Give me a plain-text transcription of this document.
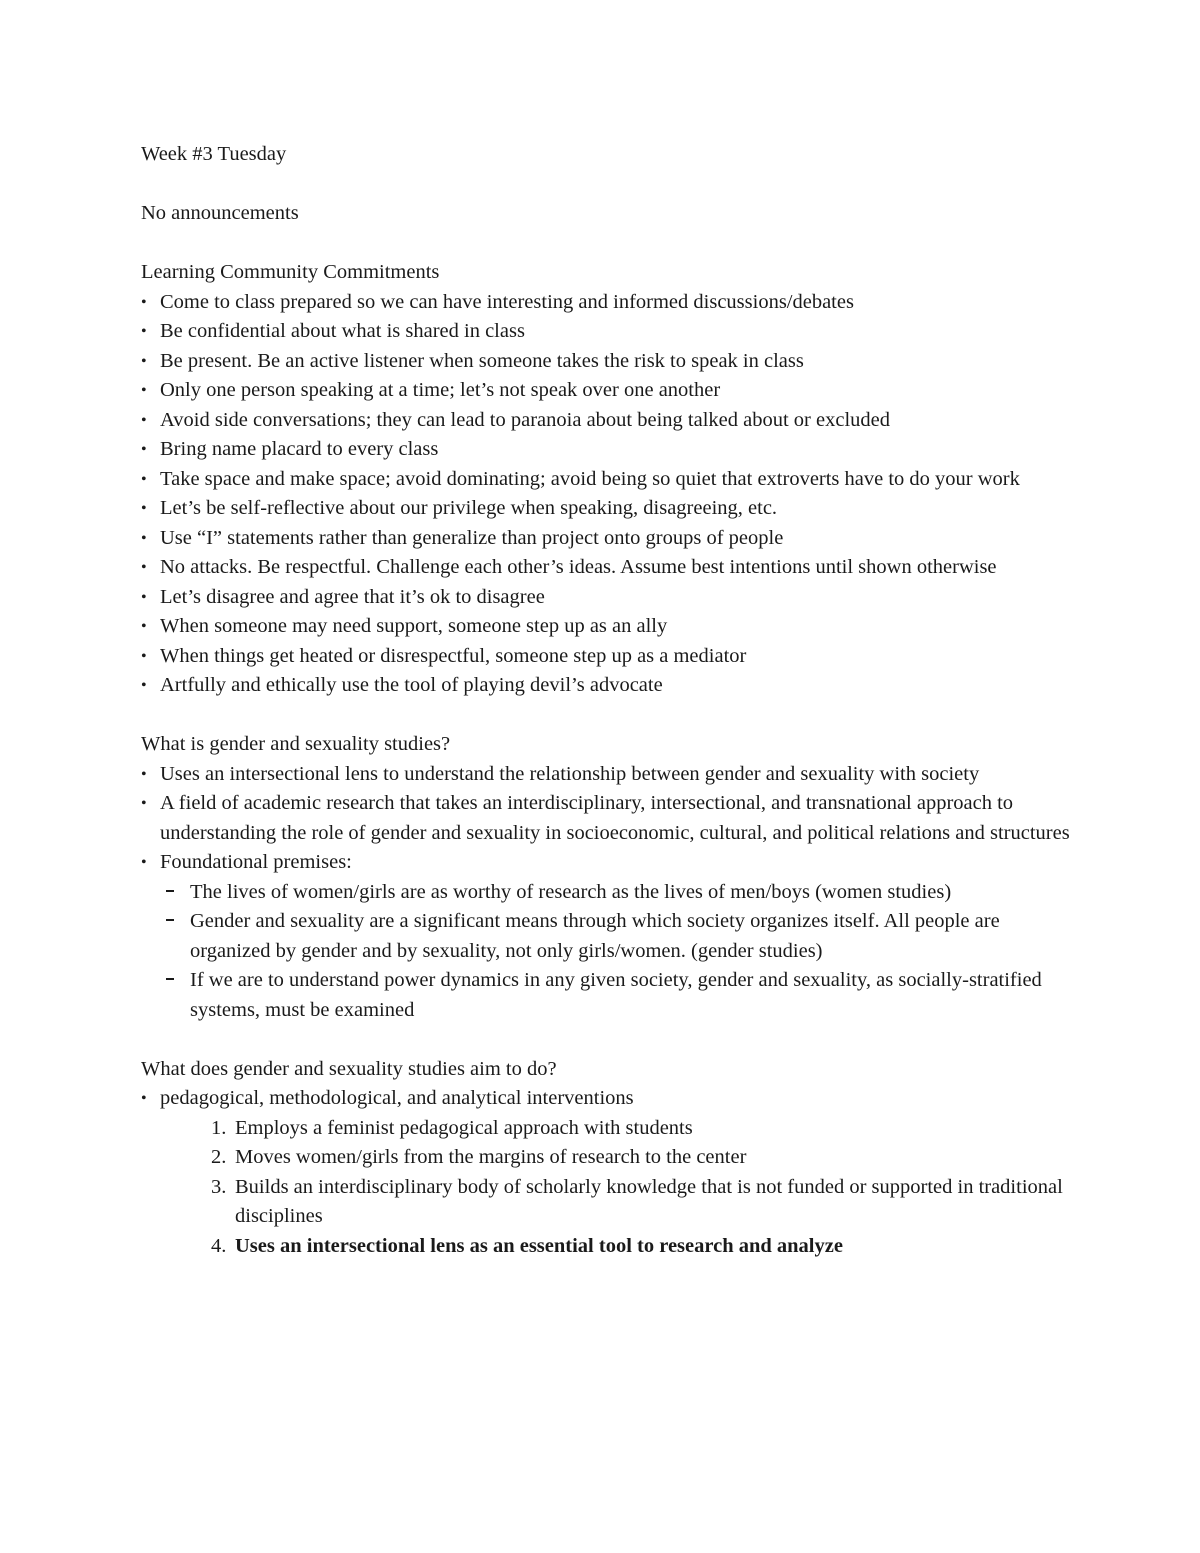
Week #3 Tuesday

No announcements

Learning Community Commitments

• Come to class prepared so we can have interesting and informed discussions/debates
• Be confidential about what is shared in class
• Be present. Be an active listener when someone takes the risk to speak in class
• Only one person speaking at a time; let’s not speak over one another
• Avoid side conversations; they can lead to paranoia about being talked about or excluded
• Bring name placard to every class
• Take space and make space; avoid dominating; avoid being so quiet that extroverts have to do your work
• Let’s be self-reflective about our privilege when speaking, disagreeing, etc.
• Use “I” statements rather than generalize than project onto groups of people
• No attacks. Be respectful. Challenge each other’s ideas. Assume best intentions until shown otherwise
• Let’s disagree and agree that it’s ok to disagree
• When someone may need support, someone step up as an ally
• When things get heated or disrespectful, someone step up as a mediator
• Artfully and ethically use the tool of playing devil’s advocate

What is gender and sexuality studies?

• Uses an intersectional lens to understand the relationship between gender and sexuality with society
• A field of academic research that takes an interdisciplinary, intersectional, and transnational approach to understanding the role of gender and sexuality in socioeconomic, cultural, and political relations and structures
• Foundational premises:
The lives of women/girls are as worthy of research as the lives of men/boys (women studies)
Gender and sexuality are a significant means through which society organizes itself. All people are organized by gender and by sexuality, not only girls/women. (gender studies)
If we are to understand power dynamics in any given society, gender and sexuality, as socially-stratified systems, must be examined

What does gender and sexuality studies aim to do?

• pedagogical, methodological, and analytical interventions
1. Employs a feminist pedagogical approach with students
2. Moves women/girls from the margins of research to the center
3. Builds an interdisciplinary body of scholarly knowledge that is not funded or supported in traditional disciplines
4. Uses an intersectional lens as an essential tool to research and analyze
